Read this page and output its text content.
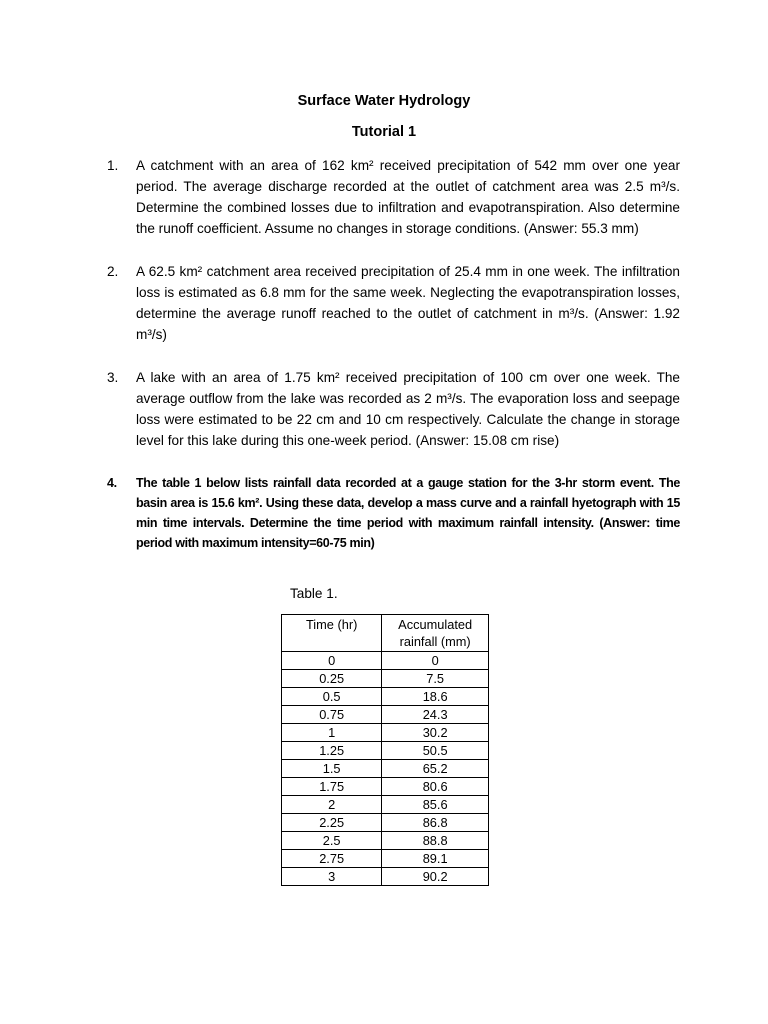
Surface Water Hydrology
Tutorial 1
1. A catchment with an area of 162 km² received precipitation of 542 mm over one year period. The average discharge recorded at the outlet of catchment area was 2.5 m³/s. Determine the combined losses due to infiltration and evapotranspiration. Also determine the runoff coefficient. Assume no changes in storage conditions. (Answer: 55.3 mm)
2. A 62.5 km² catchment area received precipitation of 25.4 mm in one week. The infiltration loss is estimated as 6.8 mm for the same week. Neglecting the evapotranspiration losses, determine the average runoff reached to the outlet of catchment in m³/s. (Answer: 1.92 m³/s)
3. A lake with an area of 1.75 km² received precipitation of 100 cm over one week. The average outflow from the lake was recorded as 2 m³/s. The evaporation loss and seepage loss were estimated to be 22 cm and 10 cm respectively. Calculate the change in storage level for this lake during this one-week period. (Answer: 15.08 cm rise)
4. The table 1 below lists rainfall data recorded at a gauge station for the 3-hr storm event. The basin area is 15.6 km². Using these data, develop a mass curve and a rainfall hyetograph with 15 min time intervals. Determine the time period with maximum rainfall intensity. (Answer: time period with maximum intensity=60-75 min)

Table 1.

Time (hr)	Accumulated rainfall (mm)
0	0
0.25	7.5
0.5	18.6
0.75	24.3
1	30.2
1.25	50.5
1.5	65.2
1.75	80.6
2	85.6
2.25	86.8
2.5	88.8
2.75	89.1
3	90.2
